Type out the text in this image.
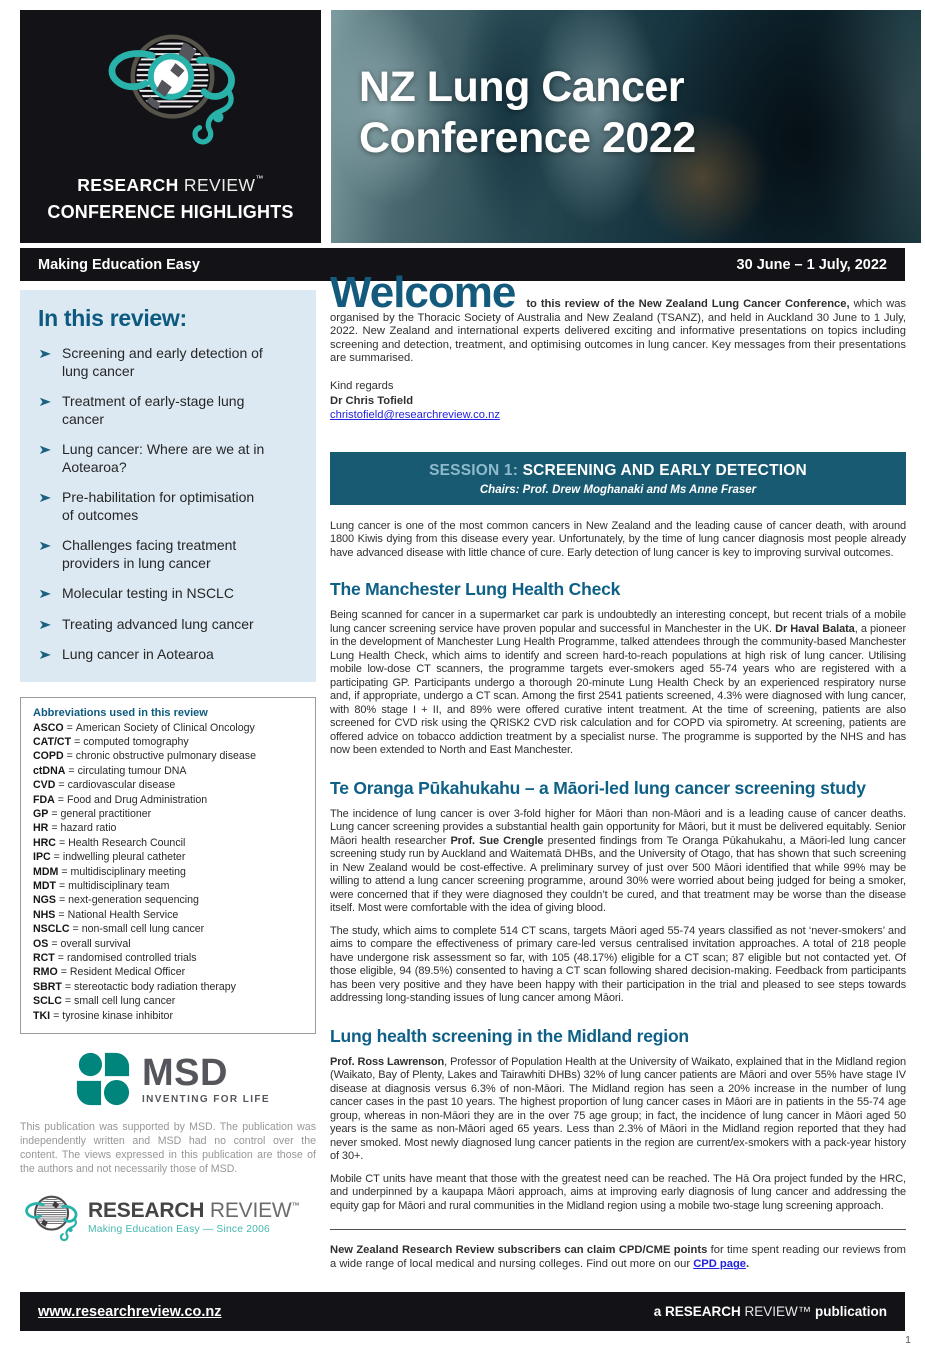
RESEARCH REVIEW™
CONFERENCE HIGHLIGHTS
NZ Lung Cancer
Conference 2022
Making Education Easy	30 June – 1 July, 2022
In this review:
➤ Screening and early detection of lung cancer
➤ Treatment of early-stage lung cancer
➤ Lung cancer: Where are we at in Aotearoa?
➤ Pre-habilitation for optimisation of outcomes
➤ Challenges facing treatment providers in lung cancer
➤ Molecular testing in NSCLC
➤ Treating advanced lung cancer
➤ Lung cancer in Aotearoa
Abbreviations used in this review
ASCO = American Society of Clinical Oncology
CAT/CT = computed tomography
COPD = chronic obstructive pulmonary disease
ctDNA = circulating tumour DNA
CVD = cardiovascular disease
FDA = Food and Drug Administration
GP = general practitioner
HR = hazard ratio
HRC = Health Research Council
IPC = indwelling pleural catheter
MDM = multidisciplinary meeting
MDT = multidisciplinary team
NGS = next-generation sequencing
NHS = National Health Service
NSCLC = non-small cell lung cancer
OS = overall survival
RCT = randomised controlled trials
RMO = Resident Medical Officer
SBRT = stereotactic body radiation therapy
SCLC = small cell lung cancer
TKI = tyrosine kinase inhibitor
MSD
INVENTING FOR LIFE

This publication was supported by MSD. The publication was independently written and MSD had no control over the content. The views expressed in this publication are those of the authors and not necessarily those of MSD.

RESEARCH REVIEW™
Making Education Easy — Since 2006

Welcome to this review of the New Zealand Lung Cancer Conference, which was organised by the Thoracic Society of Australia and New Zealand (TSANZ), and held in Auckland 30 June to 1 July, 2022. New Zealand and international experts delivered exciting and informative presentations on topics including screening and detection, treatment, and optimising outcomes in lung cancer. Key messages from their presentations are summarised.

Kind regards
Dr Chris Tofield
christofield@researchreview.co.nz
SESSION 1: SCREENING AND EARLY DETECTION
Chairs: Prof. Drew Moghanaki and Ms Anne Fraser

Lung cancer is one of the most common cancers in New Zealand and the leading cause of cancer death, with around 1800 Kiwis dying from this disease every year. Unfortunately, by the time of lung cancer diagnosis most people already have advanced disease with little chance of cure. Early detection of lung cancer is key to improving survival outcomes.

The Manchester Lung Health Check

Being scanned for cancer in a supermarket car park is undoubtedly an interesting concept, but recent trials of a mobile lung cancer screening service have proven popular and successful in Manchester in the UK. Dr Haval Balata, a pioneer in the development of Manchester Lung Health Programme, talked attendees through the community-based Manchester Lung Health Check, which aims to identify and screen hard-to-reach populations at high risk of lung cancer. Utilising mobile low-dose CT scanners, the programme targets ever-smokers aged 55-74 years who are registered with a participating GP. Participants undergo a thorough 20-minute Lung Health Check by an experienced respiratory nurse and, if appropriate, undergo a CT scan. Among the first 2541 patients screened, 4.3% were diagnosed with lung cancer, with 80% stage I + II, and 89% were offered curative intent treatment. At the time of screening, patients are also screened for CVD risk using the QRISK2 CVD risk calculation and for COPD via spirometry. At screening, patients are offered advice on tobacco addiction treatment by a specialist nurse. The programme is supported by the NHS and has now been extended to North and East Manchester.

Te Oranga Pūkahukahu – a Māori-led lung cancer screening study

The incidence of lung cancer is over 3-fold higher for Māori than non-Māori and is a leading cause of cancer deaths. Lung cancer screening provides a substantial health gain opportunity for Māori, but it must be delivered equitably. Senior Māori health researcher Prof. Sue Crengle presented findings from Te Oranga Pūkahukahu, a Māori-led lung cancer screening study run by Auckland and Waitematā DHBs, and the University of Otago, that has shown that such screening in New Zealand would be cost-effective. A preliminary survey of just over 500 Māori identified that while 99% may be willing to attend a lung cancer screening programme, around 30% were worried about being judged for being a smoker, were concerned that if they were diagnosed they couldn’t be cured, and that treatment may be worse than the disease itself. Most were comfortable with the idea of giving blood.

The study, which aims to complete 514 CT scans, targets Māori aged 55-74 years classified as not ‘never-smokers’ and aims to compare the effectiveness of primary care-led versus centralised invitation approaches. A total of 218 people have undergone risk assessment so far, with 105 (48.17%) eligible for a CT scan; 87 eligible but not contacted yet. Of those eligible, 94 (89.5%) consented to having a CT scan following shared decision-making. Feedback from participants has been very positive and they have been happy with their participation in the trial and pleased to see steps towards addressing long-standing issues of lung cancer among Māori.

Lung health screening in the Midland region

Prof. Ross Lawrenson, Professor of Population Health at the University of Waikato, explained that in the Midland region (Waikato, Bay of Plenty, Lakes and Tairawhiti DHBs) 32% of lung cancer patients are Māori and over 55% have stage IV disease at diagnosis versus 6.3% of non-Māori. The Midland region has seen a 20% increase in the number of lung cancer cases in the past 10 years. The highest proportion of lung cancer cases in Māori are in patients in the 55-74 age group, whereas in non-Māori they are in the over 75 age group; in fact, the incidence of lung cancer in Māori aged 50 years is the same as non-Māori aged 65 years. Less than 2.3% of Māori in the Midland region reported that they had never smoked. Most newly diagnosed lung cancer patients in the region are current/ex-smokers with a pack-year history of 30+.

Mobile CT units have meant that those with the greatest need can be reached. The Hā Ora project funded by the HRC, and underpinned by a kaupapa Māori approach, aims at improving early diagnosis of lung cancer and addressing the equity gap for Māori and rural communities in the Midland region using a mobile two-stage lung screening approach.

New Zealand Research Review subscribers can claim CPD/CME points for time spent reading our reviews from a wide range of local medical and nursing colleges. Find out more on our CPD page.

www.researchreview.co.nz	a RESEARCH REVIEW™ publication
1
